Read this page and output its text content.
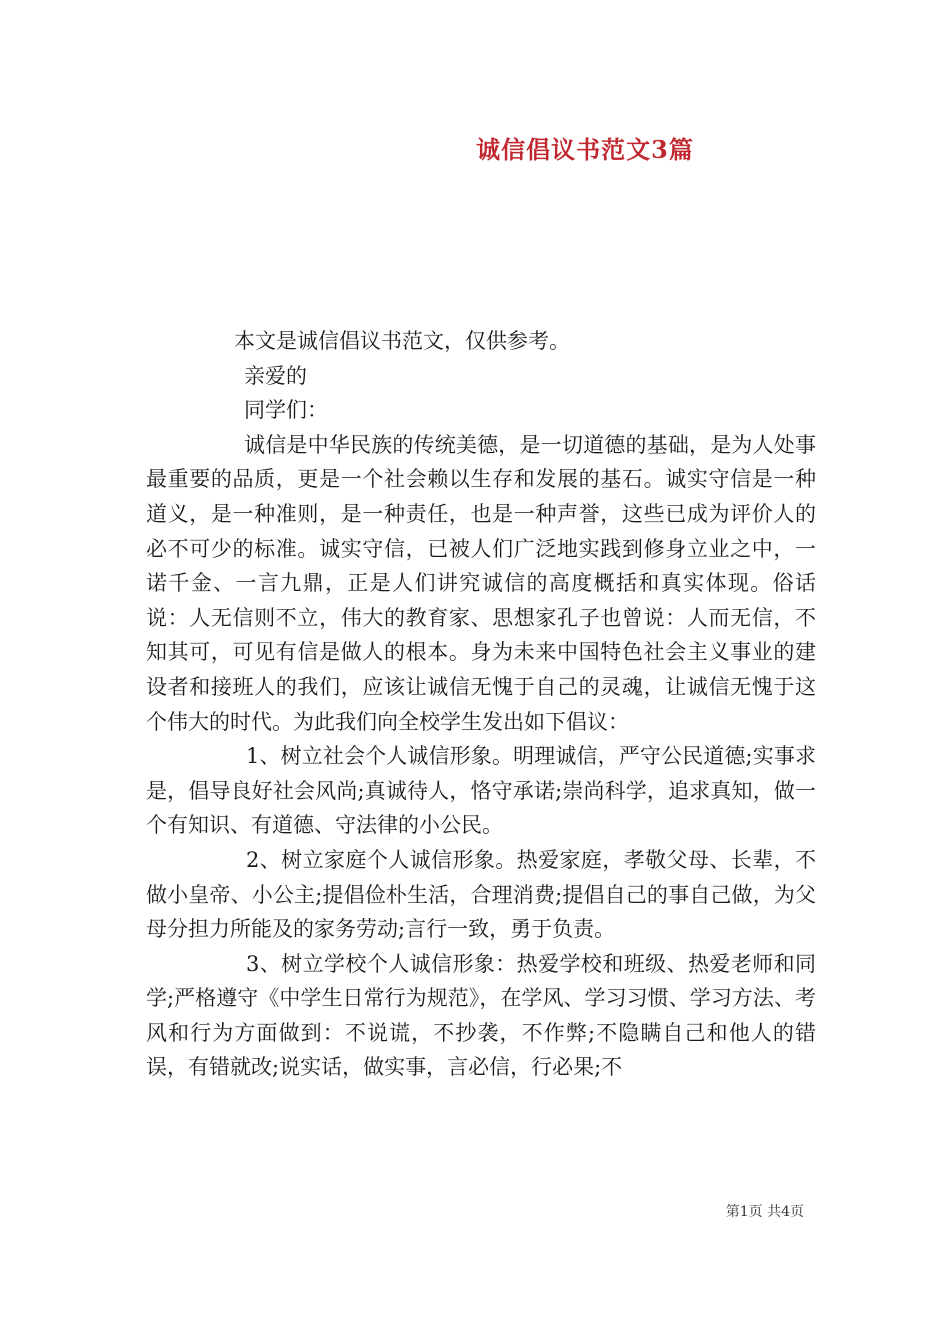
诚信倡议书范文3篇

本文是诚信倡议书范文，仅供参考。

亲爱的

同学们：

诚信是中华民族的传统美德，是一切道德的基础，是为人处事最重要的品质，更是一个社会赖以生存和发展的基石。诚实守信是一种道义，是一种准则，是一种责任，也是一种声誉，这些已成为评价人的必不可少的标准。诚实守信，已被人们广泛地实践到修身立业之中，一诺千金、一言九鼎，正是人们讲究诚信的高度概括和真实体现。俗话说：人无信则不立，伟大的教育家、思想家孔子也曾说：人而无信，不知其可，可见有信是做人的根本。身为未来中国特色社会主义事业的建设者和接班人的我们，应该让诚信无愧于自己的灵魂，让诚信无愧于这个伟大的时代。为此我们向全校学生发出如下倡议：

1、树立社会个人诚信形象。明理诚信，严守公民道德;实事求是，倡导良好社会风尚;真诚待人，恪守承诺;崇尚科学，追求真知，做一个有知识、有道德、守法律的小公民。

2、树立家庭个人诚信形象。热爱家庭，孝敬父母、长辈，不做小皇帝、小公主;提倡俭朴生活，合理消费;提倡自己的事自己做，为父母分担力所能及的家务劳动;言行一致，勇于负责。

3、树立学校个人诚信形象：热爱学校和班级、热爱老师和同学;严格遵守《中学生日常行为规范》，在学风、学习习惯、学习方法、考风和行为方面做到：不说谎，不抄袭，不作弊;不隐瞒自己和他人的错误，有错就改;说实话，做实事，言必信，行必果;不

第1页 共4页
